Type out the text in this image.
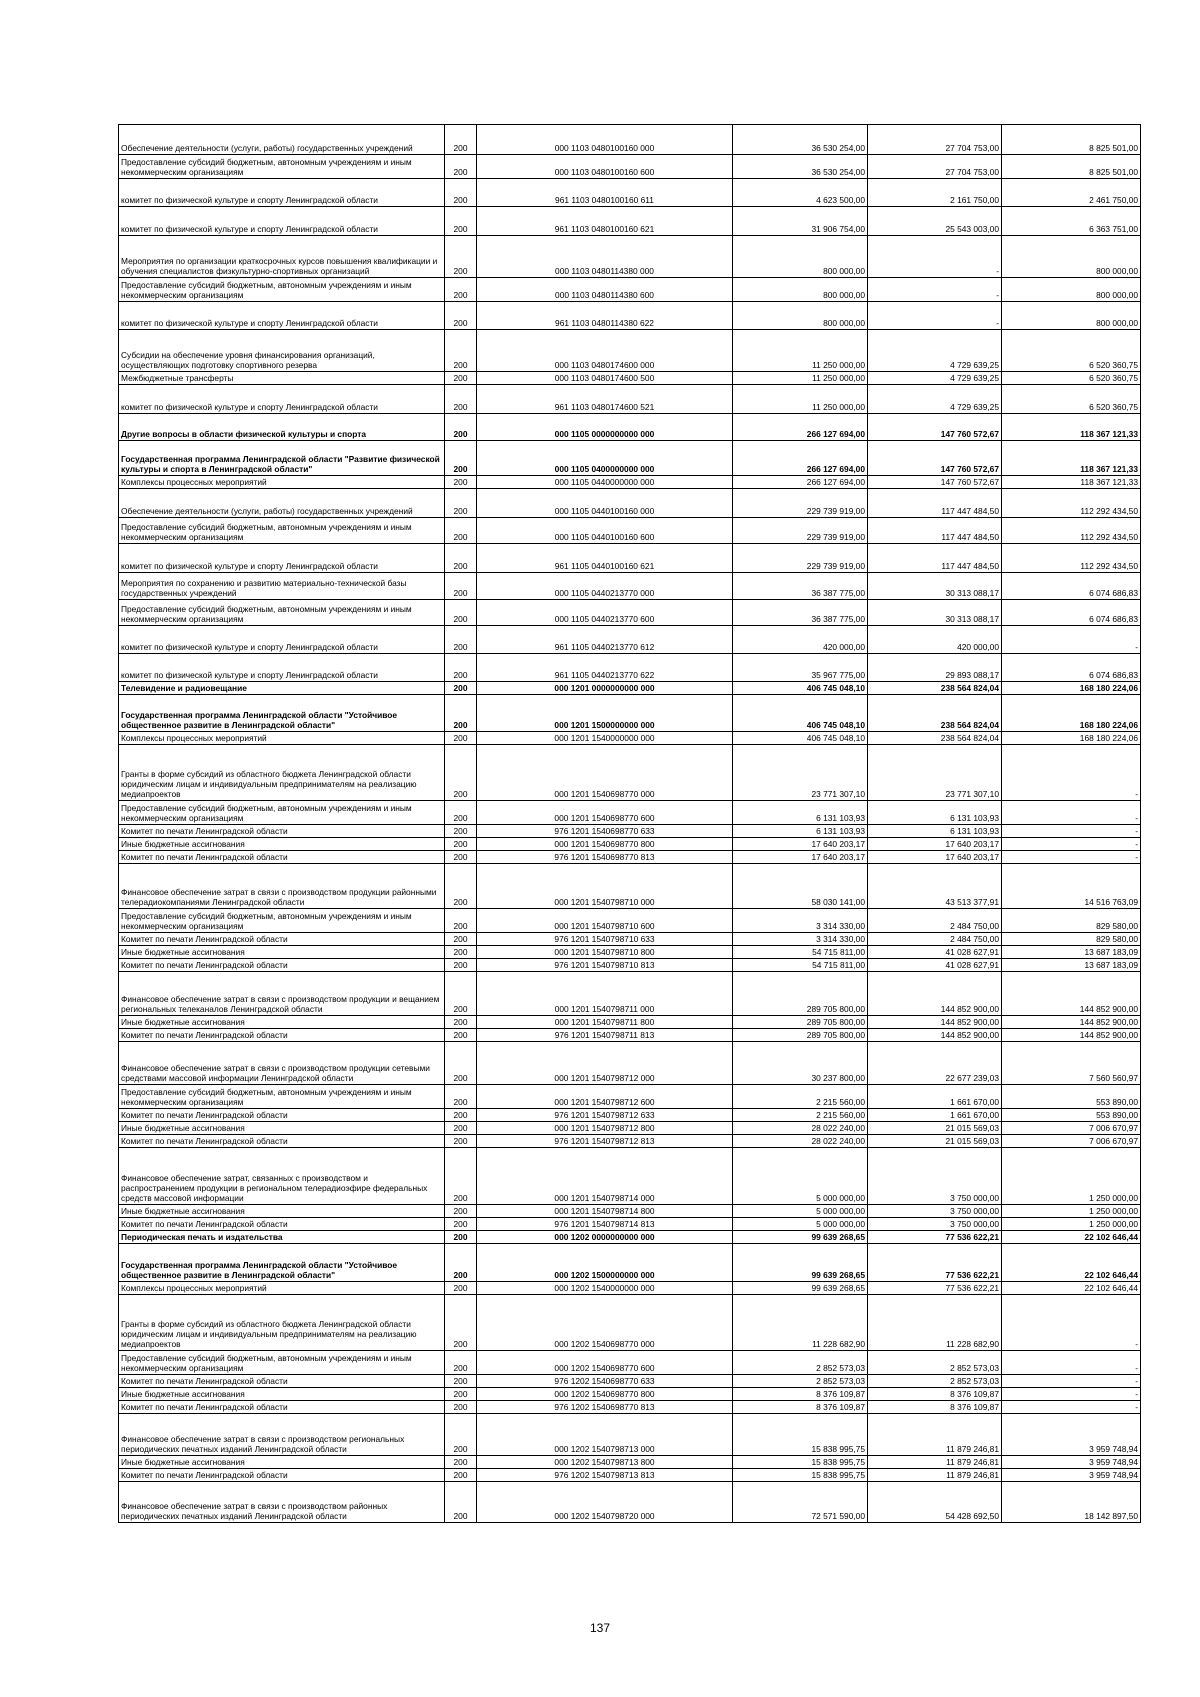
Обеспечение деятельности (услуги, работы) государственных учреждений	200	000 1103 0480100160 000	36 530 254,00	27 704 753,00	8 825 501,00
Предоставление субсидий бюджетным, автономным учреждениям и иным некоммерческим организациям	200	000 1103 0480100160 600	36 530 254,00	27 704 753,00	8 825 501,00
комитет по физической культуре и спорту Ленинградской области	200	961 1103 0480100160 611	4 623 500,00	2 161 750,00	2 461 750,00
комитет по физической культуре и спорту Ленинградской области	200	961 1103 0480100160 621	31 906 754,00	25 543 003,00	6 363 751,00
Мероприятия по организации краткосрочных курсов повышения квалификации и обучения специалистов физкультурно-спортивных организаций	200	000 1103 0480114380 000	800 000,00	-	800 000,00
Предоставление субсидий бюджетным, автономным учреждениям и иным некоммерческим организациям	200	000 1103 0480114380 600	800 000,00	-	800 000,00
комитет по физической культуре и спорту Ленинградской области	200	961 1103 0480114380 622	800 000,00	-	800 000,00
Субсидии на обеспечение уровня финансирования организаций, осуществляющих подготовку спортивного резерва	200	000 1103 0480174600 000	11 250 000,00	4 729 639,25	6 520 360,75
Межбюджетные трансферты	200	000 1103 0480174600 500	11 250 000,00	4 729 639,25	6 520 360,75
комитет по физической культуре и спорту Ленинградской области	200	961 1103 0480174600 521	11 250 000,00	4 729 639,25	6 520 360,75
Другие вопросы в области физической культуры и спорта	200	000 1105 0000000000 000	266 127 694,00	147 760 572,67	118 367 121,33
Государственная программа Ленинградской области "Развитие физической культуры и спорта в Ленинградской области"	200	000 1105 0400000000 000	266 127 694,00	147 760 572,67	118 367 121,33
Комплексы процессных мероприятий	200	000 1105 0440000000 000	266 127 694,00	147 760 572,67	118 367 121,33
Обеспечение деятельности (услуги, работы) государственных учреждений	200	000 1105 0440100160 000	229 739 919,00	117 447 484,50	112 292 434,50
Предоставление субсидий бюджетным, автономным учреждениям и иным некоммерческим организациям	200	000 1105 0440100160 600	229 739 919,00	117 447 484,50	112 292 434,50
комитет по физической культуре и спорту Ленинградской области	200	961 1105 0440100160 621	229 739 919,00	117 447 484,50	112 292 434,50
Мероприятия по сохранению и развитию материально-технической базы государственных учреждений	200	000 1105 0440213770 000	36 387 775,00	30 313 088,17	6 074 686,83
Предоставление субсидий бюджетным, автономным учреждениям и иным некоммерческим организациям	200	000 1105 0440213770 600	36 387 775,00	30 313 088,17	6 074 686,83
комитет по физической культуре и спорту Ленинградской области	200	961 1105 0440213770 612	420 000,00	420 000,00	-
комитет по физической культуре и спорту Ленинградской области	200	961 1105 0440213770 622	35 967 775,00	29 893 088,17	6 074 686,83
Телевидение и радиовещание	200	000 1201 0000000000 000	406 745 048,10	238 564 824,04	168 180 224,06
Государственная программа Ленинградской области "Устойчивое общественное развитие в Ленинградской области"	200	000 1201 1500000000 000	406 745 048,10	238 564 824,04	168 180 224,06
Комплексы процессных мероприятий	200	000 1201 1540000000 000	406 745 048,10	238 564 824,04	168 180 224,06
Гранты в форме субсидий из областного бюджета Ленинградской области юридическим лицам и индивидуальным предпринимателям на реализацию медиапроектов	200	000 1201 1540698770 000	23 771 307,10	23 771 307,10	-
Предоставление субсидий бюджетным, автономным учреждениям и иным некоммерческим организациям	200	000 1201 1540698770 600	6 131 103,93	6 131 103,93	-
Комитет по печати Ленинградской области	200	976 1201 1540698770 633	6 131 103,93	6 131 103,93	-
Иные бюджетные ассигнования	200	000 1201 1540698770 800	17 640 203,17	17 640 203,17	-
Комитет по печати Ленинградской области	200	976 1201 1540698770 813	17 640 203,17	17 640 203,17	-
Финансовое обеспечение затрат в связи с производством продукции районными телерадиокомпаниями Ленинградской области	200	000 1201 1540798710 000	58 030 141,00	43 513 377,91	14 516 763,09
Предоставление субсидий бюджетным, автономным учреждениям и иным некоммерческим организациям	200	000 1201 1540798710 600	3 314 330,00	2 484 750,00	829 580,00
Комитет по печати Ленинградской области	200	976 1201 1540798710 633	3 314 330,00	2 484 750,00	829 580,00
Иные бюджетные ассигнования	200	000 1201 1540798710 800	54 715 811,00	41 028 627,91	13 687 183,09
Комитет по печати Ленинградской области	200	976 1201 1540798710 813	54 715 811,00	41 028 627,91	13 687 183,09
Финансовое обеспечение затрат в связи с производством продукции и вещанием региональных телеканалов Ленинградской области	200	000 1201 1540798711 000	289 705 800,00	144 852 900,00	144 852 900,00
Иные бюджетные ассигнования	200	000 1201 1540798711 800	289 705 800,00	144 852 900,00	144 852 900,00
Комитет по печати Ленинградской области	200	976 1201 1540798711 813	289 705 800,00	144 852 900,00	144 852 900,00
Финансовое обеспечение затрат в связи с производством продукции сетевыми средствами массовой информации Ленинградской области	200	000 1201 1540798712 000	30 237 800,00	22 677 239,03	7 560 560,97
Предоставление субсидий бюджетным, автономным учреждениям и иным некоммерческим организациям	200	000 1201 1540798712 600	2 215 560,00	1 661 670,00	553 890,00
Комитет по печати Ленинградской области	200	976 1201 1540798712 633	2 215 560,00	1 661 670,00	553 890,00
Иные бюджетные ассигнования	200	000 1201 1540798712 800	28 022 240,00	21 015 569,03	7 006 670,97
Комитет по печати Ленинградской области	200	976 1201 1540798712 813	28 022 240,00	21 015 569,03	7 006 670,97
Финансовое обеспечение затрат, связанных с производством и распространением продукции в региональном телерадиоэфире федеральных средств массовой информации	200	000 1201 1540798714 000	5 000 000,00	3 750 000,00	1 250 000,00
Иные бюджетные ассигнования	200	000 1201 1540798714 800	5 000 000,00	3 750 000,00	1 250 000,00
Комитет по печати Ленинградской области	200	976 1201 1540798714 813	5 000 000,00	3 750 000,00	1 250 000,00
Периодическая печать и издательства	200	000 1202 0000000000 000	99 639 268,65	77 536 622,21	22 102 646,44
Государственная программа Ленинградской области "Устойчивое общественное развитие в Ленинградской области"	200	000 1202 1500000000 000	99 639 268,65	77 536 622,21	22 102 646,44
Комплексы процессных мероприятий	200	000 1202 1540000000 000	99 639 268,65	77 536 622,21	22 102 646,44
Гранты в форме субсидий из областного бюджета Ленинградской области юридическим лицам и индивидуальным предпринимателям на реализацию медиапроектов	200	000 1202 1540698770 000	11 228 682,90	11 228 682,90	-
Предоставление субсидий бюджетным, автономным учреждениям и иным некоммерческим организациям	200	000 1202 1540698770 600	2 852 573,03	2 852 573,03	-
Комитет по печати Ленинградской области	200	976 1202 1540698770 633	2 852 573,03	2 852 573,03	-
Иные бюджетные ассигнования	200	000 1202 1540698770 800	8 376 109,87	8 376 109,87	-
Комитет по печати Ленинградской области	200	976 1202 1540698770 813	8 376 109,87	8 376 109,87	-
Финансовое обеспечение затрат в связи с производством региональных периодических печатных изданий Ленинградской области	200	000 1202 1540798713 000	15 838 995,75	11 879 246,81	3 959 748,94
Иные бюджетные ассигнования	200	000 1202 1540798713 800	15 838 995,75	11 879 246,81	3 959 748,94
Комитет по печати Ленинградской области	200	976 1202 1540798713 813	15 838 995,75	11 879 246,81	3 959 748,94
Финансовое обеспечение затрат в связи с производством районных периодических печатных изданий Ленинградской области	200	000 1202 1540798720 000	72 571 590,00	54 428 692,50	18 142 897,50
137
